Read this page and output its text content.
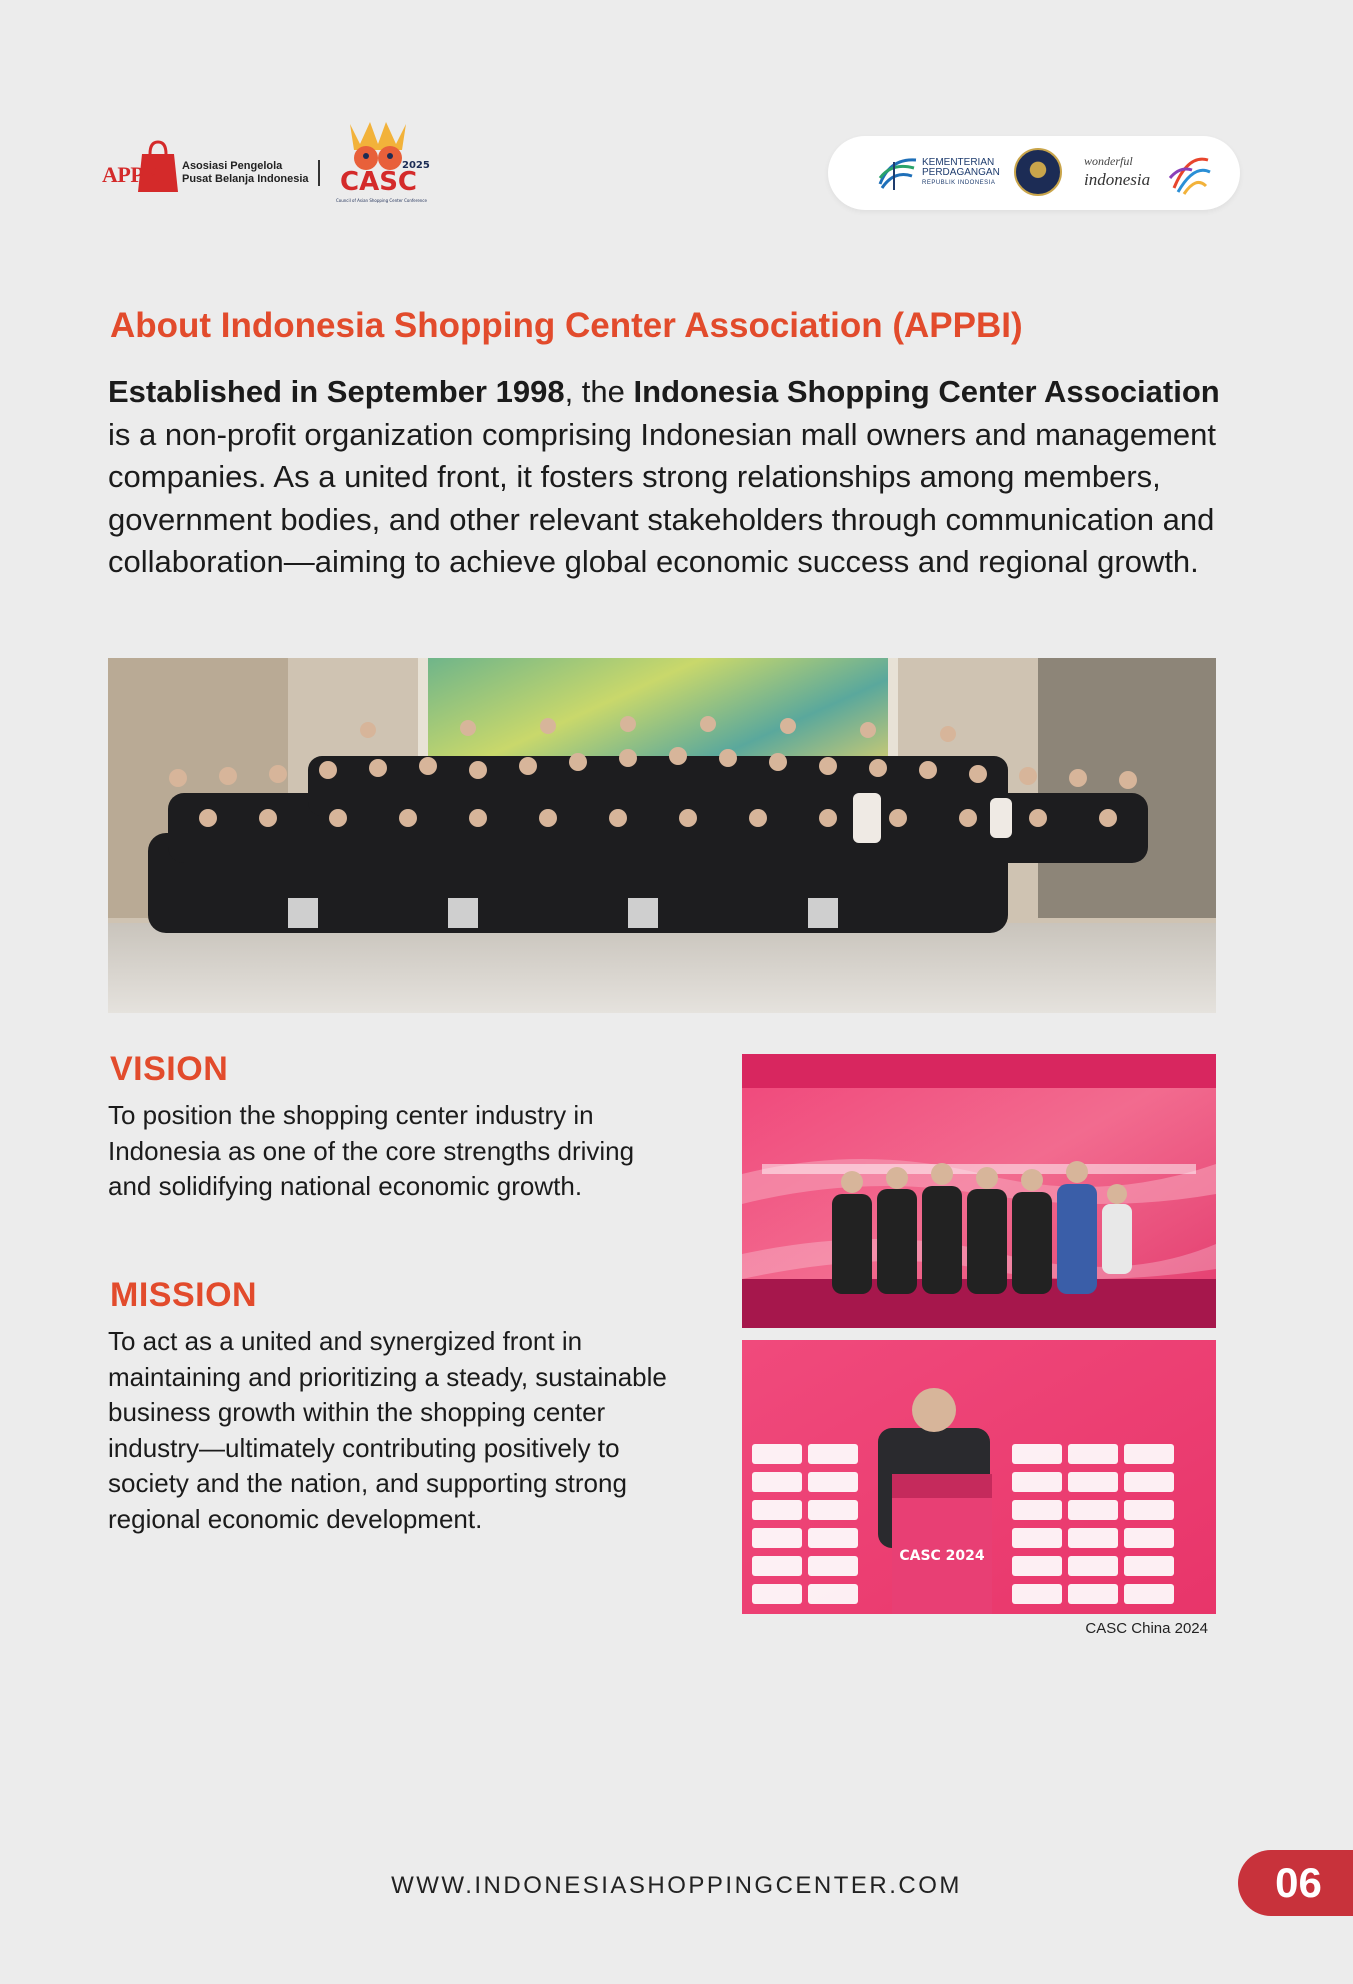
APPBI Asosiasi Pengelola
Pusat Belanja Indonesia CASC
2025
Council of Asian Shopping Center Conference
KEMENTERIAN
PERDAGANGAN
REPUBLIK INDONESIA
wonderful
indonesia
About Indonesia Shopping Center Association (APPBI)

Established in September 1998, the Indonesia Shopping Center Association is a non-profit organization comprising Indonesian mall owners and management companies. As a united front, it fosters strong relationships among members, government bodies, and other relevant stakeholders through communication and collaboration—aiming to achieve global economic success and regional growth.

VISION

To position the shopping center industry in Indonesia as one of the core strengths driving and solidifying national economic growth.

MISSION

To act as a united and synergized front in maintaining and prioritizing a steady, sustainable business growth within the shopping center industry—ultimately contributing positively to society and the nation, and supporting strong regional economic development.

CASC 2024

CASC China 2024

WWW.INDONESIASHOPPINGCENTER.COM	06
